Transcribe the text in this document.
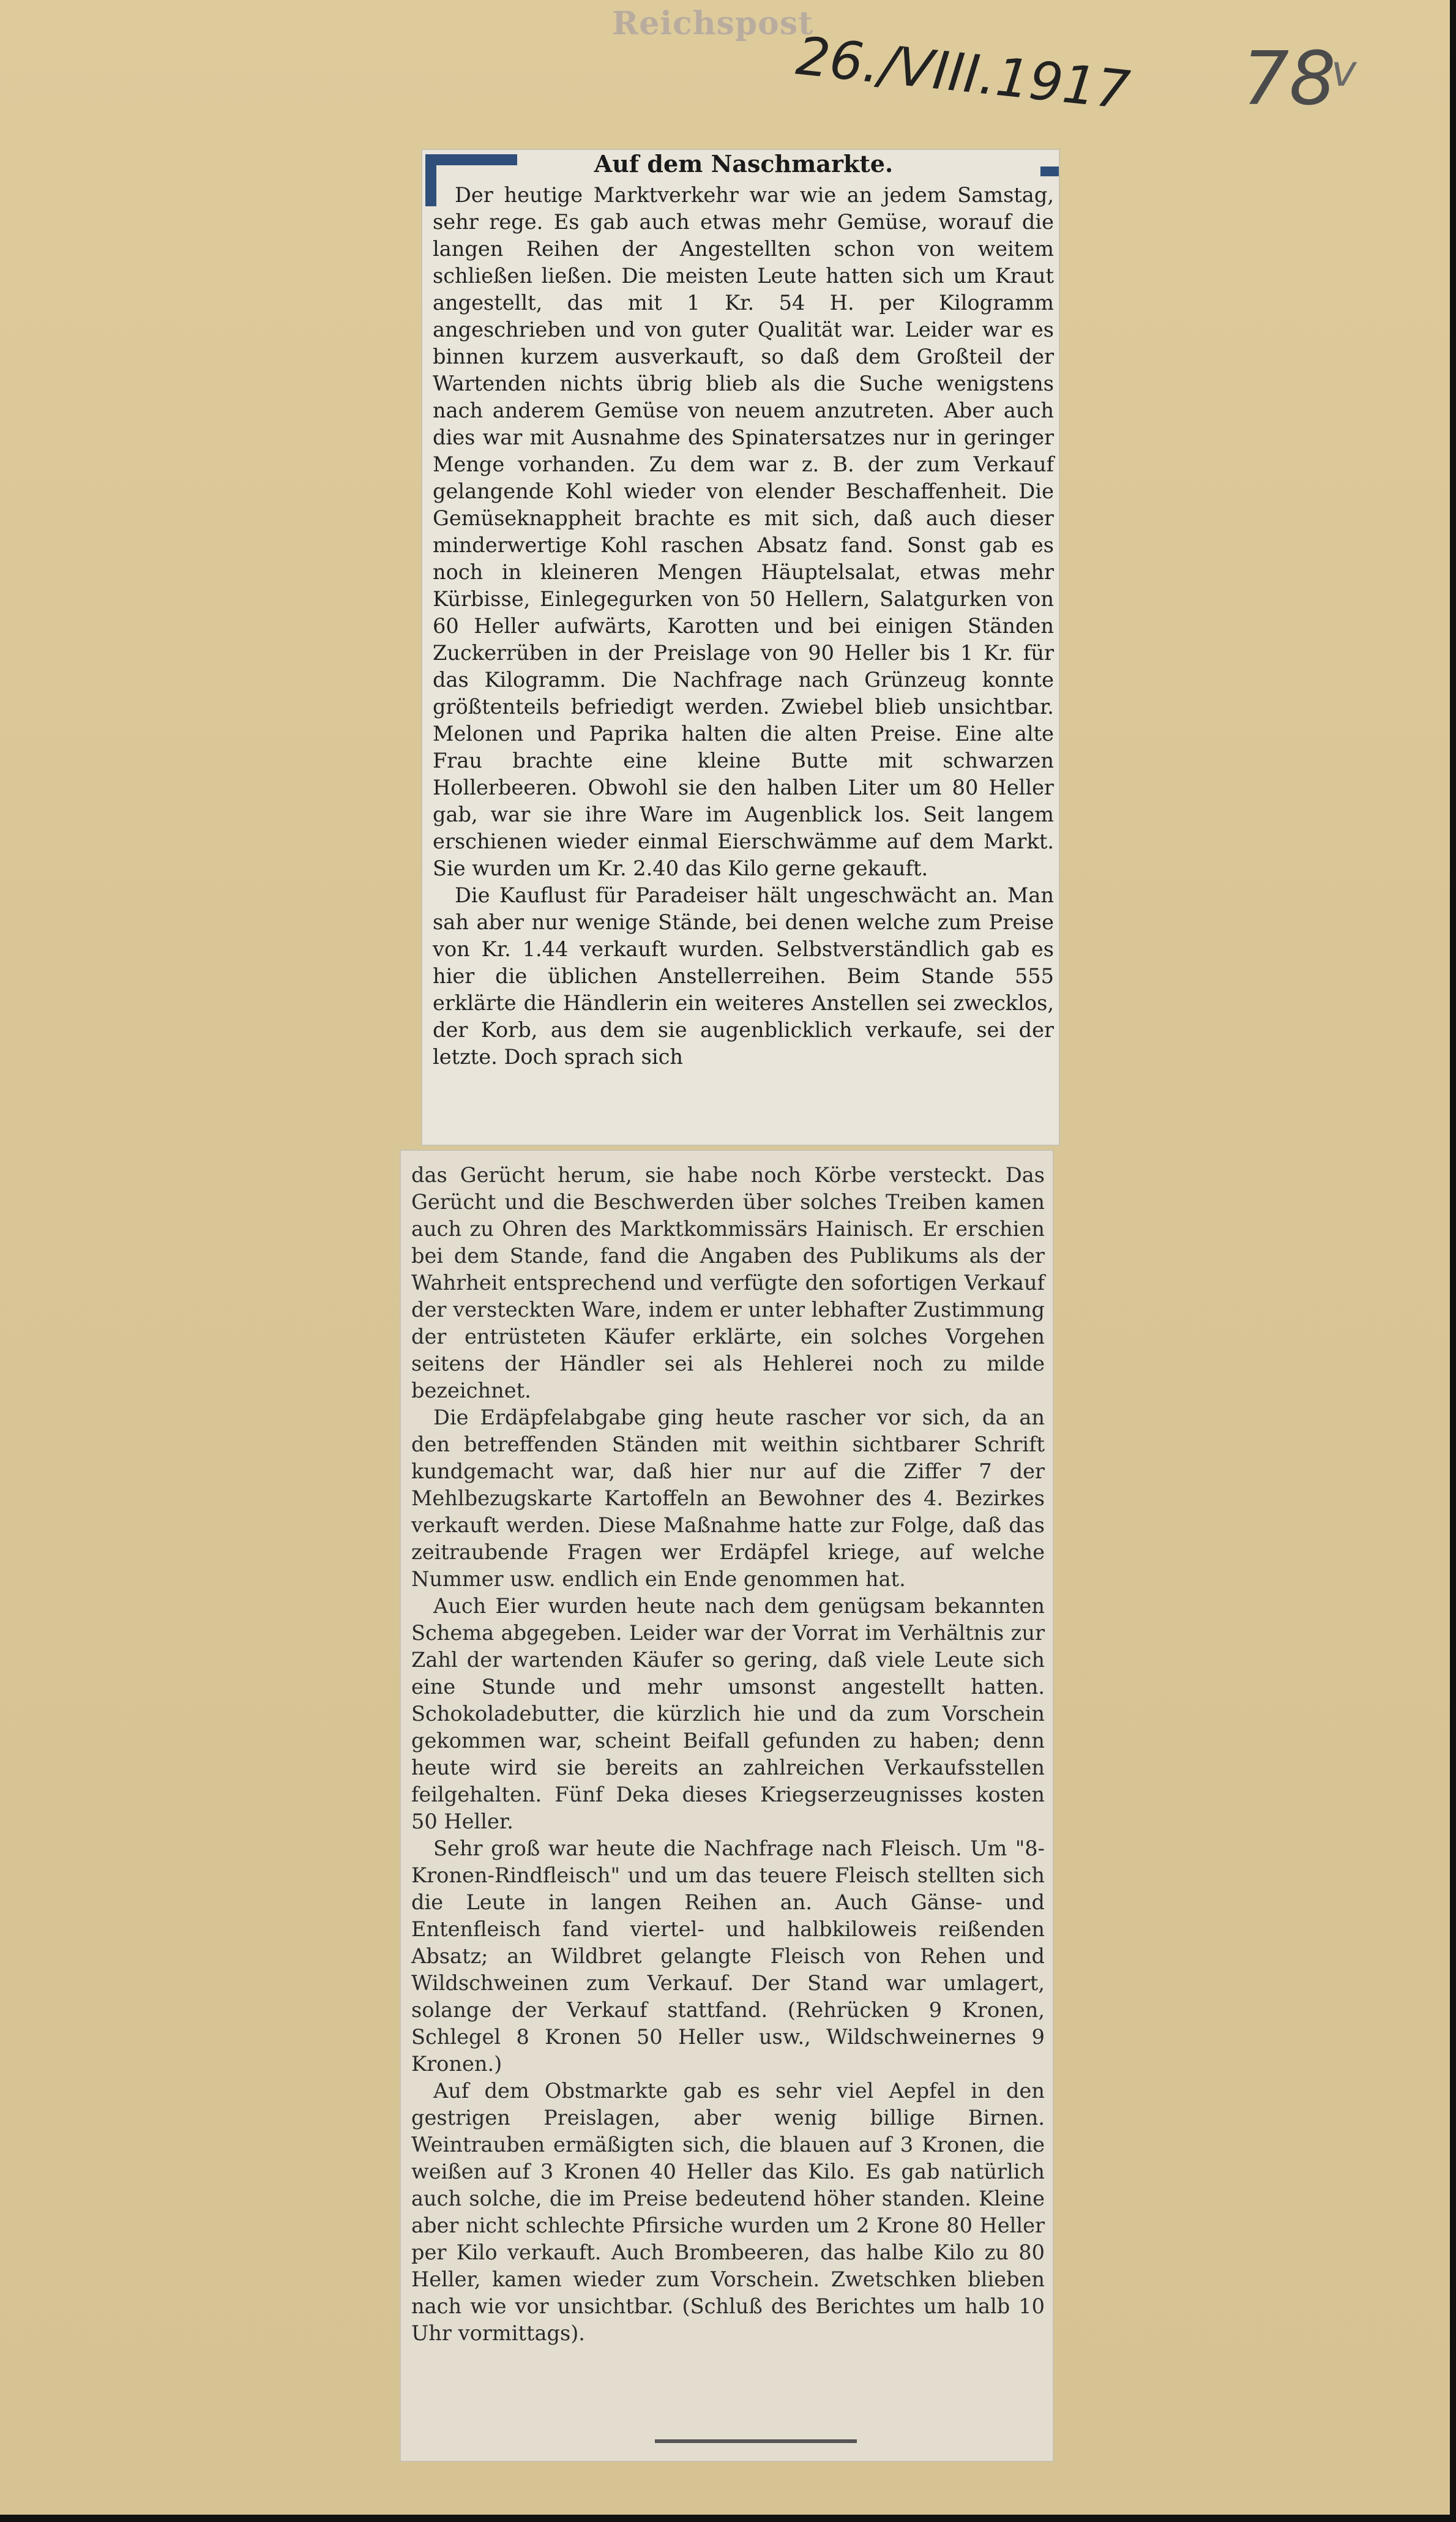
Reichspost
26./VIII.1917 78
v
Auf dem Naschmarkte.

Der heutige Marktverkehr war wie an jedem Samstag, sehr rege. Es gab auch etwas mehr Gemüse, worauf die langen Reihen der Angestellten schon von weitem schließen ließen. Die meisten Leute hatten sich um Kraut angestellt, das mit 1 Kr. 54 H. per Kilogramm angeschrieben und von guter Qualität war. Leider war es binnen kurzem ausverkauft, so daß dem Großteil der Wartenden nichts übrig blieb als die Suche wenigstens nach anderem Gemüse von neuem anzutreten. Aber auch dies war mit Ausnahme des Spinatersatzes nur in geringer Menge vorhanden. Zu dem war z. B. der zum Verkauf gelangende Kohl wieder von elender Beschaffenheit. Die Gemüseknappheit brachte es mit sich, daß auch dieser minderwertige Kohl raschen Absatz fand. Sonst gab es noch in kleineren Mengen Häuptelsalat, etwas mehr Kürbisse, Einlegegurken von 50 Hellern, Salatgurken von 60 Heller aufwärts, Karotten und bei einigen Ständen Zuckerrüben in der Preislage von 90 Heller bis 1 Kr. für das Kilogramm. Die Nachfrage nach Grünzeug konnte größtenteils befriedigt werden. Zwiebel blieb unsichtbar. Melonen und Paprika halten die alten Preise. Eine alte Frau brachte eine kleine Butte mit schwarzen Hollerbeeren. Obwohl sie den halben Liter um 80 Heller gab, war sie ihre Ware im Augenblick los. Seit langem erschienen wieder einmal Eierschwämme auf dem Markt. Sie wurden um Kr. 2.40 das Kilo gerne gekauft.

Die Kauflust für Paradeiser hält ungeschwächt an. Man sah aber nur wenige Stände, bei denen welche zum Preise von Kr. 1.44 verkauft wurden. Selbstverständlich gab es hier die üblichen Anstellerreihen. Beim Stande 555 erklärte die Händlerin ein weiteres Anstellen sei zwecklos, der Korb, aus dem sie augenblicklich verkaufe, sei der letzte. Doch sprach sich

das Gerücht herum, sie habe noch Körbe versteckt. Das Gerücht und die Beschwerden über solches Treiben kamen auch zu Ohren des Marktkommissärs Hainisch. Er erschien bei dem Stande, fand die Angaben des Publikums als der Wahrheit entsprechend und verfügte den sofortigen Verkauf der versteckten Ware, indem er unter lebhafter Zustimmung der entrüsteten Käufer erklärte, ein solches Vorgehen seitens der Händler sei als Hehlerei noch zu milde bezeichnet.

Die Erdäpfelabgabe ging heute rascher vor sich, da an den betreffenden Ständen mit weithin sichtbarer Schrift kundgemacht war, daß hier nur auf die Ziffer 7 der Mehlbezugskarte Kartoffeln an Bewohner des 4. Bezirkes verkauft werden. Diese Maßnahme hatte zur Folge, daß das zeitraubende Fragen wer Erdäpfel kriege, auf welche Nummer usw. endlich ein Ende genommen hat.

Auch Eier wurden heute nach dem genügsam bekannten Schema abgegeben. Leider war der Vorrat im Verhältnis zur Zahl der wartenden Käufer so gering, daß viele Leute sich eine Stunde und mehr umsonst angestellt hatten. Schokoladebutter, die kürzlich hie und da zum Vorschein gekommen war, scheint Beifall gefunden zu haben; denn heute wird sie bereits an zahlreichen Verkaufsstellen feilgehalten. Fünf Deka dieses Kriegserzeugnisses kosten 50 Heller.

Sehr groß war heute die Nachfrage nach Fleisch. Um "8-Kronen-Rindfleisch" und um das teuere Fleisch stellten sich die Leute in langen Reihen an. Auch Gänse- und Entenfleisch fand viertel- und halbkiloweis reißenden Absatz; an Wildbret gelangte Fleisch von Rehen und Wildschweinen zum Verkauf. Der Stand war umlagert, solange der Verkauf stattfand. (Rehrücken 9 Kronen, Schlegel 8 Kronen 50 Heller usw., Wildschweinernes 9 Kronen.)

Auf dem Obstmarkte gab es sehr viel Aepfel in den gestrigen Preislagen, aber wenig billige Birnen. Weintrauben ermäßigten sich, die blauen auf 3 Kronen, die weißen auf 3 Kronen 40 Heller das Kilo. Es gab natürlich auch solche, die im Preise bedeutend höher standen. Kleine aber nicht schlechte Pfirsiche wurden um 2 Krone 80 Heller per Kilo verkauft. Auch Brombeeren, das halbe Kilo zu 80 Heller, kamen wieder zum Vorschein. Zwetschken blieben nach wie vor unsichtbar. (Schluß des Berichtes um halb 10 Uhr vormittags).
